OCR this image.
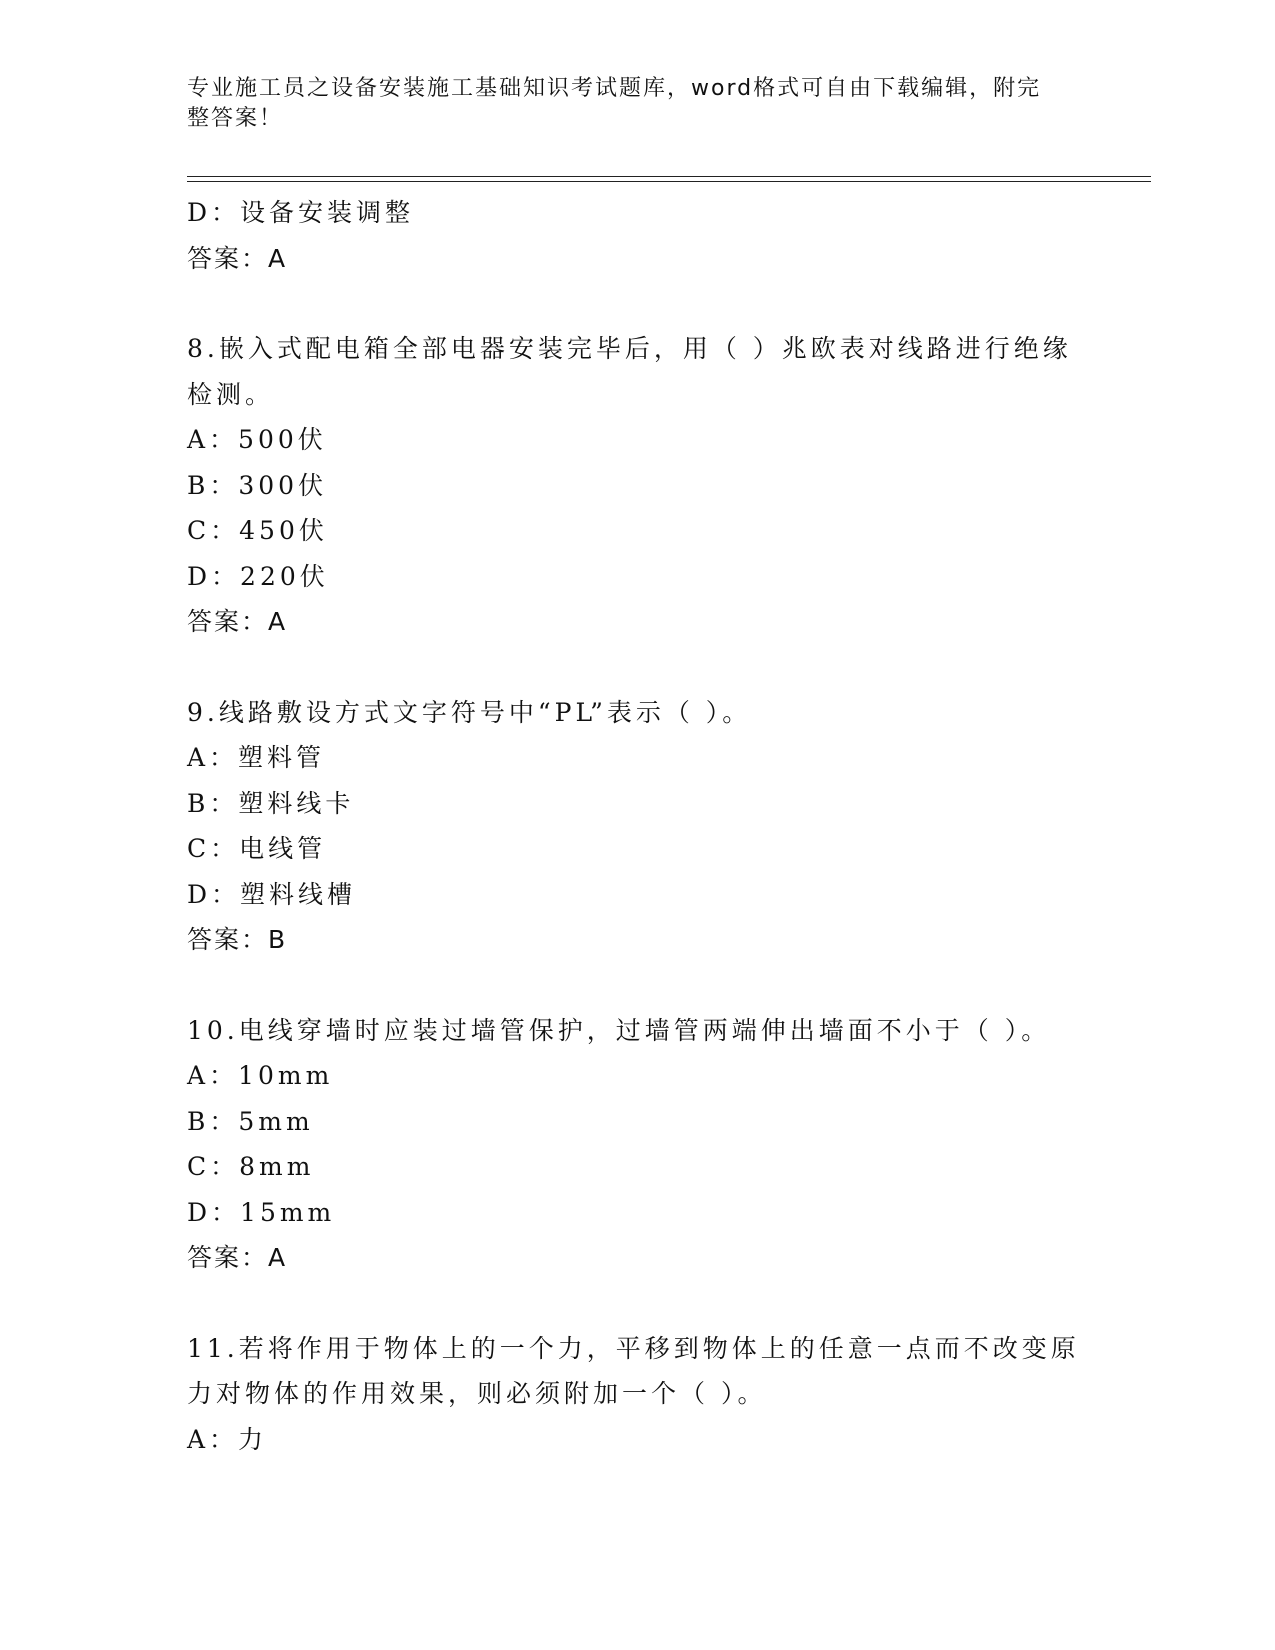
专业施工员之设备安装施工基础知识考试题库，word格式可自由下载编辑，附完
整答案！
D：设备安装调整
答案：A
8.嵌入式配电箱全部电器安装完毕后，用（ ）兆欧表对线路进行绝缘
检测。
A：500伏
B：300伏
C：450伏
D：220伏
答案：A
9.线路敷设方式文字符号中“PL”表示（ ）。
A：塑料管
B：塑料线卡
C：电线管
D：塑料线槽
答案：B
10.电线穿墙时应装过墙管保护，过墙管两端伸出墙面不小于（ ）。
A：10mm
B：5mm
C：8mm
D：15mm
答案：A
11.若将作用于物体上的一个力，平移到物体上的任意一点而不改变原
力对物体的作用效果，则必须附加一个（ ）。
A：力
